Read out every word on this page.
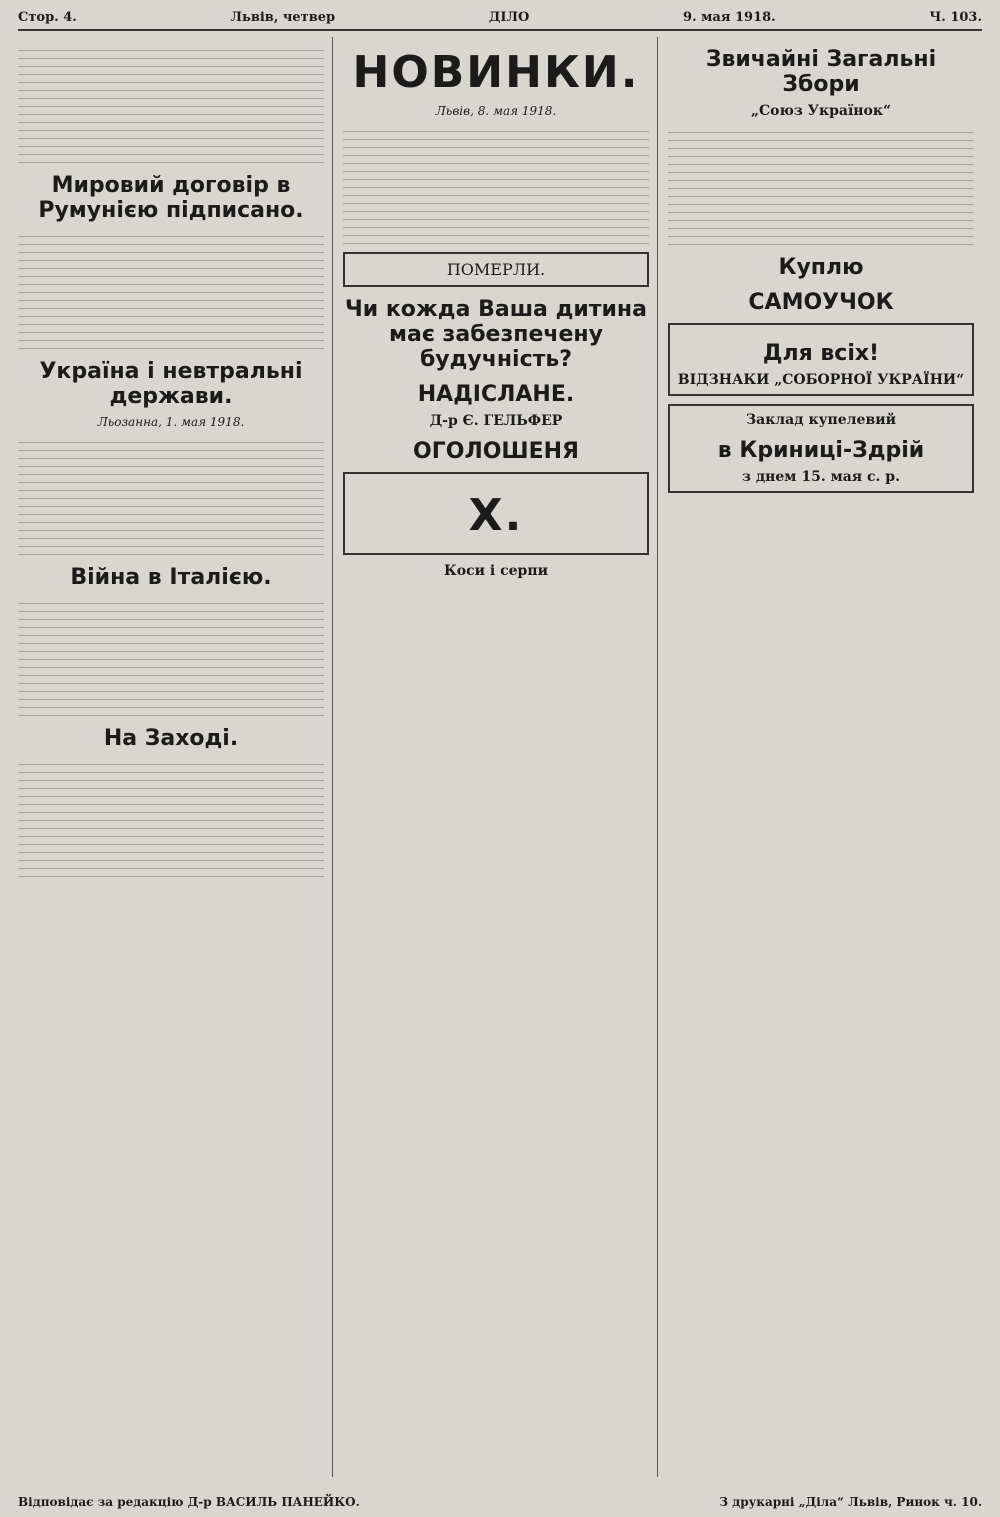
Стор. 4.	Львів, четвер	ДІЛО	9. мая 1918.	Ч. 103.
Мировий договір в Румунією підписано.
Україна і невтральні держави.
Льозанна, 1. мая 1918.
Війна в Італією.
На Заході.
НОВИНКИ.
Львів, 8. мая 1918.
ПОМЕРЛИ.
Чи кожда Ваша дитина має забезпечену будучність?
НАДІСЛАНЕ.
Д-р Є. ГЕЛЬФЕР
ОГОЛОШЕНЯ
X.
Коси і серпи
Звичайні Загальні Збори
„Союз Українок“
Куплю
САМОУЧОК
Для всіх!
ВІДЗНАКИ „СОБОРНОЇ УКРАЇНИ“
Заклад купелевий
в Криниці-Здрій
з днем 15. мая с. р.
Відповідає за редакцію Д-р ВАСИЛЬ ПАНЕЙКО.	З друкарні „Діла“ Львів, Ринок ч. 10.
